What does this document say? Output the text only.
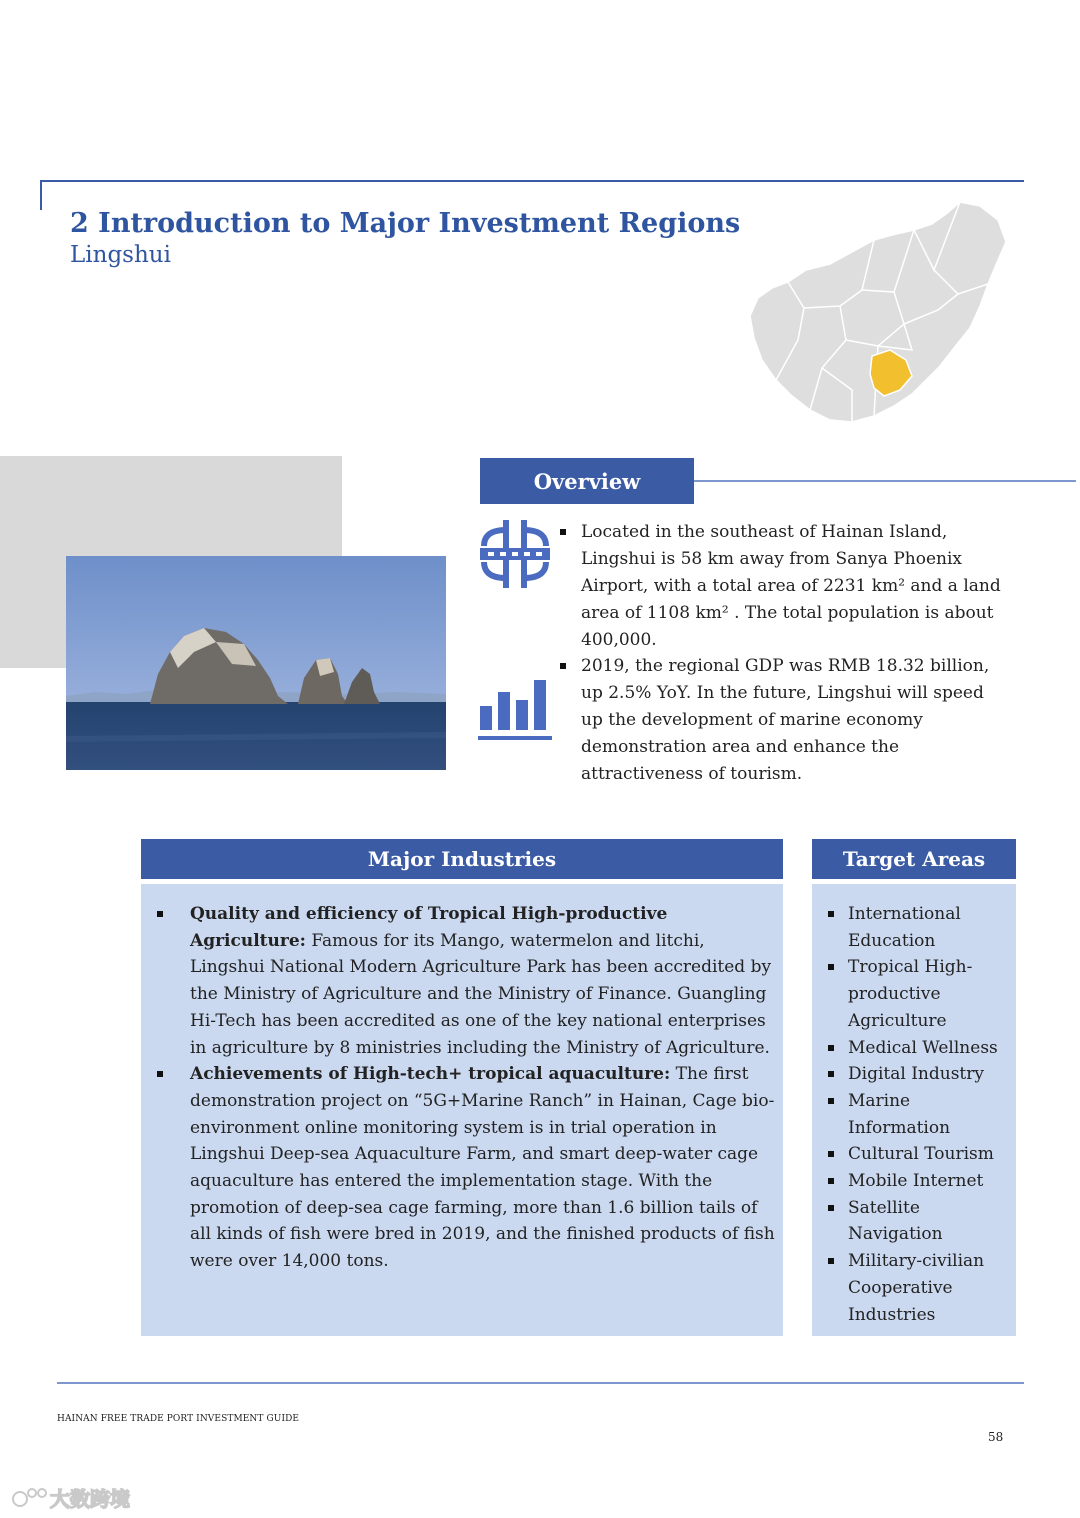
2 Introduction to Major Investment Regions
Lingshui
Overview
Located in the southeast of Hainan Island, Lingshui is 58 km away from Sanya Phoenix Airport, with a total area of 2231 km² and a land area of 1108 km² . The total population is about 400,000.
2019, the regional GDP was RMB 18.32 billion, up 2.5% YoY. In the future, Lingshui will speed up the development of marine economy demonstration area and enhance the attractiveness of tourism.
Major Industries
Quality and efficiency of Tropical High-productive Agriculture: Famous for its Mango, watermelon and litchi, Lingshui National Modern Agriculture Park has been accredited by the Ministry of Agriculture and the Ministry of Finance. Guangling Hi-Tech has been accredited as one of the key national enterprises in agriculture by 8 ministries including the Ministry of Agriculture.
Achievements of High-tech+ tropical aquaculture: The first demonstration project on “5G+Marine Ranch” in Hainan, Cage bio-environment online monitoring system is in trial operation in Lingshui Deep-sea Aquaculture Farm, and smart deep-water cage aquaculture has entered the implementation stage. With the promotion of deep-sea cage farming, more than 1.6 billion tails of all kinds of fish were bred in 2019, and the finished products of fish were over 14,000 tons.
Target Areas
International Education
Tropical High-productive Agriculture
Medical Wellness
Digital Industry
Marine Information
Cultural Tourism
Mobile Internet
Satellite Navigation
Military-civilian Cooperative Industries
HAINAN FREE TRADE PORT INVESTMENT GUIDE
58
大数跨境
